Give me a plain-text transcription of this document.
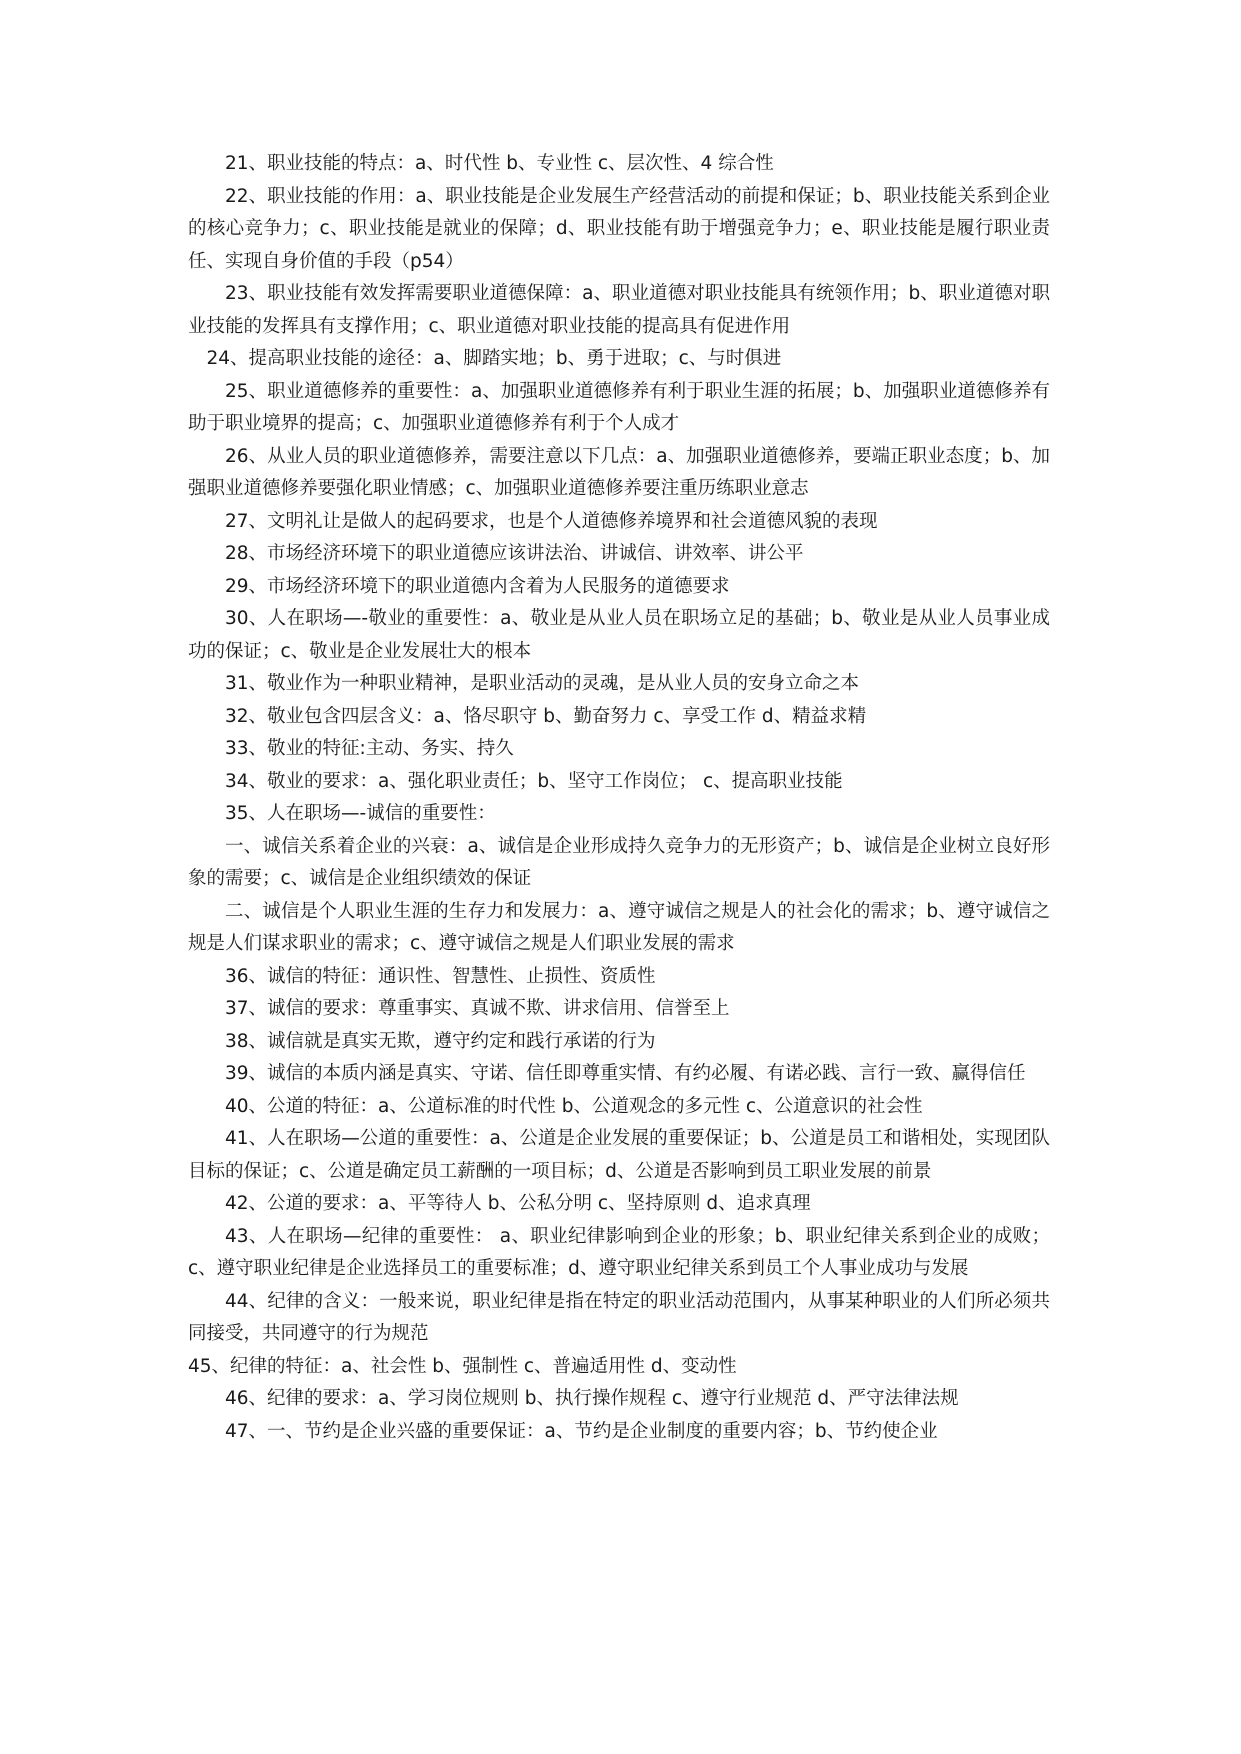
21、职业技能的特点：a、时代性 b、专业性 c、层次性、4 综合性

22、职业技能的作用：a、职业技能是企业发展生产经营活动的前提和保证；b、职业技能关系到企业的核心竞争力；c、职业技能是就业的保障；d、职业技能有助于增强竞争力；e、职业技能是履行职业责任、实现自身价值的手段（p54）

23、职业技能有效发挥需要职业道德保障：a、职业道德对职业技能具有统领作用；b、职业道德对职业技能的发挥具有支撑作用；c、职业道德对职业技能的提高具有促进作用

24、提高职业技能的途径：a、脚踏实地；b、勇于进取；c、与时俱进

25、职业道德修养的重要性：a、加强职业道德修养有利于职业生涯的拓展；b、加强职业道德修养有助于职业境界的提高；c、加强职业道德修养有利于个人成才

26、从业人员的职业道德修养，需要注意以下几点：a、加强职业道德修养，要端正职业态度；b、加强职业道德修养要强化职业情感；c、加强职业道德修养要注重历练职业意志

27、文明礼让是做人的起码要求，也是个人道德修养境界和社会道德风貌的表现

28、市场经济环境下的职业道德应该讲法治、讲诚信、讲效率、讲公平

29、市场经济环境下的职业道德内含着为人民服务的道德要求

30、人在职场—-敬业的重要性：a、敬业是从业人员在职场立足的基础；b、敬业是从业人员事业成功的保证；c、敬业是企业发展壮大的根本

31、敬业作为一种职业精神，是职业活动的灵魂，是从业人员的安身立命之本

32、敬业包含四层含义：a、恪尽职守 b、勤奋努力 c、享受工作 d、精益求精

33、敬业的特征:主动、务实、持久

34、敬业的要求：a、强化职业责任；b、坚守工作岗位； c、提高职业技能

35、人在职场—-诚信的重要性：

一、诚信关系着企业的兴衰：a、诚信是企业形成持久竞争力的无形资产；b、诚信是企业树立良好形象的需要；c、诚信是企业组织绩效的保证

二、诚信是个人职业生涯的生存力和发展力：a、遵守诚信之规是人的社会化的需求；b、遵守诚信之规是人们谋求职业的需求；c、遵守诚信之规是人们职业发展的需求

36、诚信的特征：通识性、智慧性、止损性、资质性

37、诚信的要求：尊重事实、真诚不欺、讲求信用、信誉至上

38、诚信就是真实无欺，遵守约定和践行承诺的行为

39、诚信的本质内涵是真实、守诺、信任即尊重实情、有约必履、有诺必践、言行一致、赢得信任

40、公道的特征：a、公道标准的时代性 b、公道观念的多元性 c、公道意识的社会性

41、人在职场—公道的重要性：a、公道是企业发展的重要保证；b、公道是员工和谐相处，实现团队目标的保证；c、公道是确定员工薪酬的一项目标；d、公道是否影响到员工职业发展的前景

42、公道的要求：a、平等待人 b、公私分明 c、坚持原则 d、追求真理

43、人在职场—纪律的重要性： a、职业纪律影响到企业的形象；b、职业纪律关系到企业的成败；c、遵守职业纪律是企业选择员工的重要标准；d、遵守职业纪律关系到员工个人事业成功与发展

44、纪律的含义：一般来说，职业纪律是指在特定的职业活动范围内，从事某种职业的人们所必须共同接受，共同遵守的行为规范

45、纪律的特征：a、社会性 b、强制性 c、普遍适用性 d、变动性

46、纪律的要求：a、学习岗位规则 b、执行操作规程 c、遵守行业规范 d、严守法律法规

47、一、节约是企业兴盛的重要保证：a、节约是企业制度的重要内容；b、节约使企业
